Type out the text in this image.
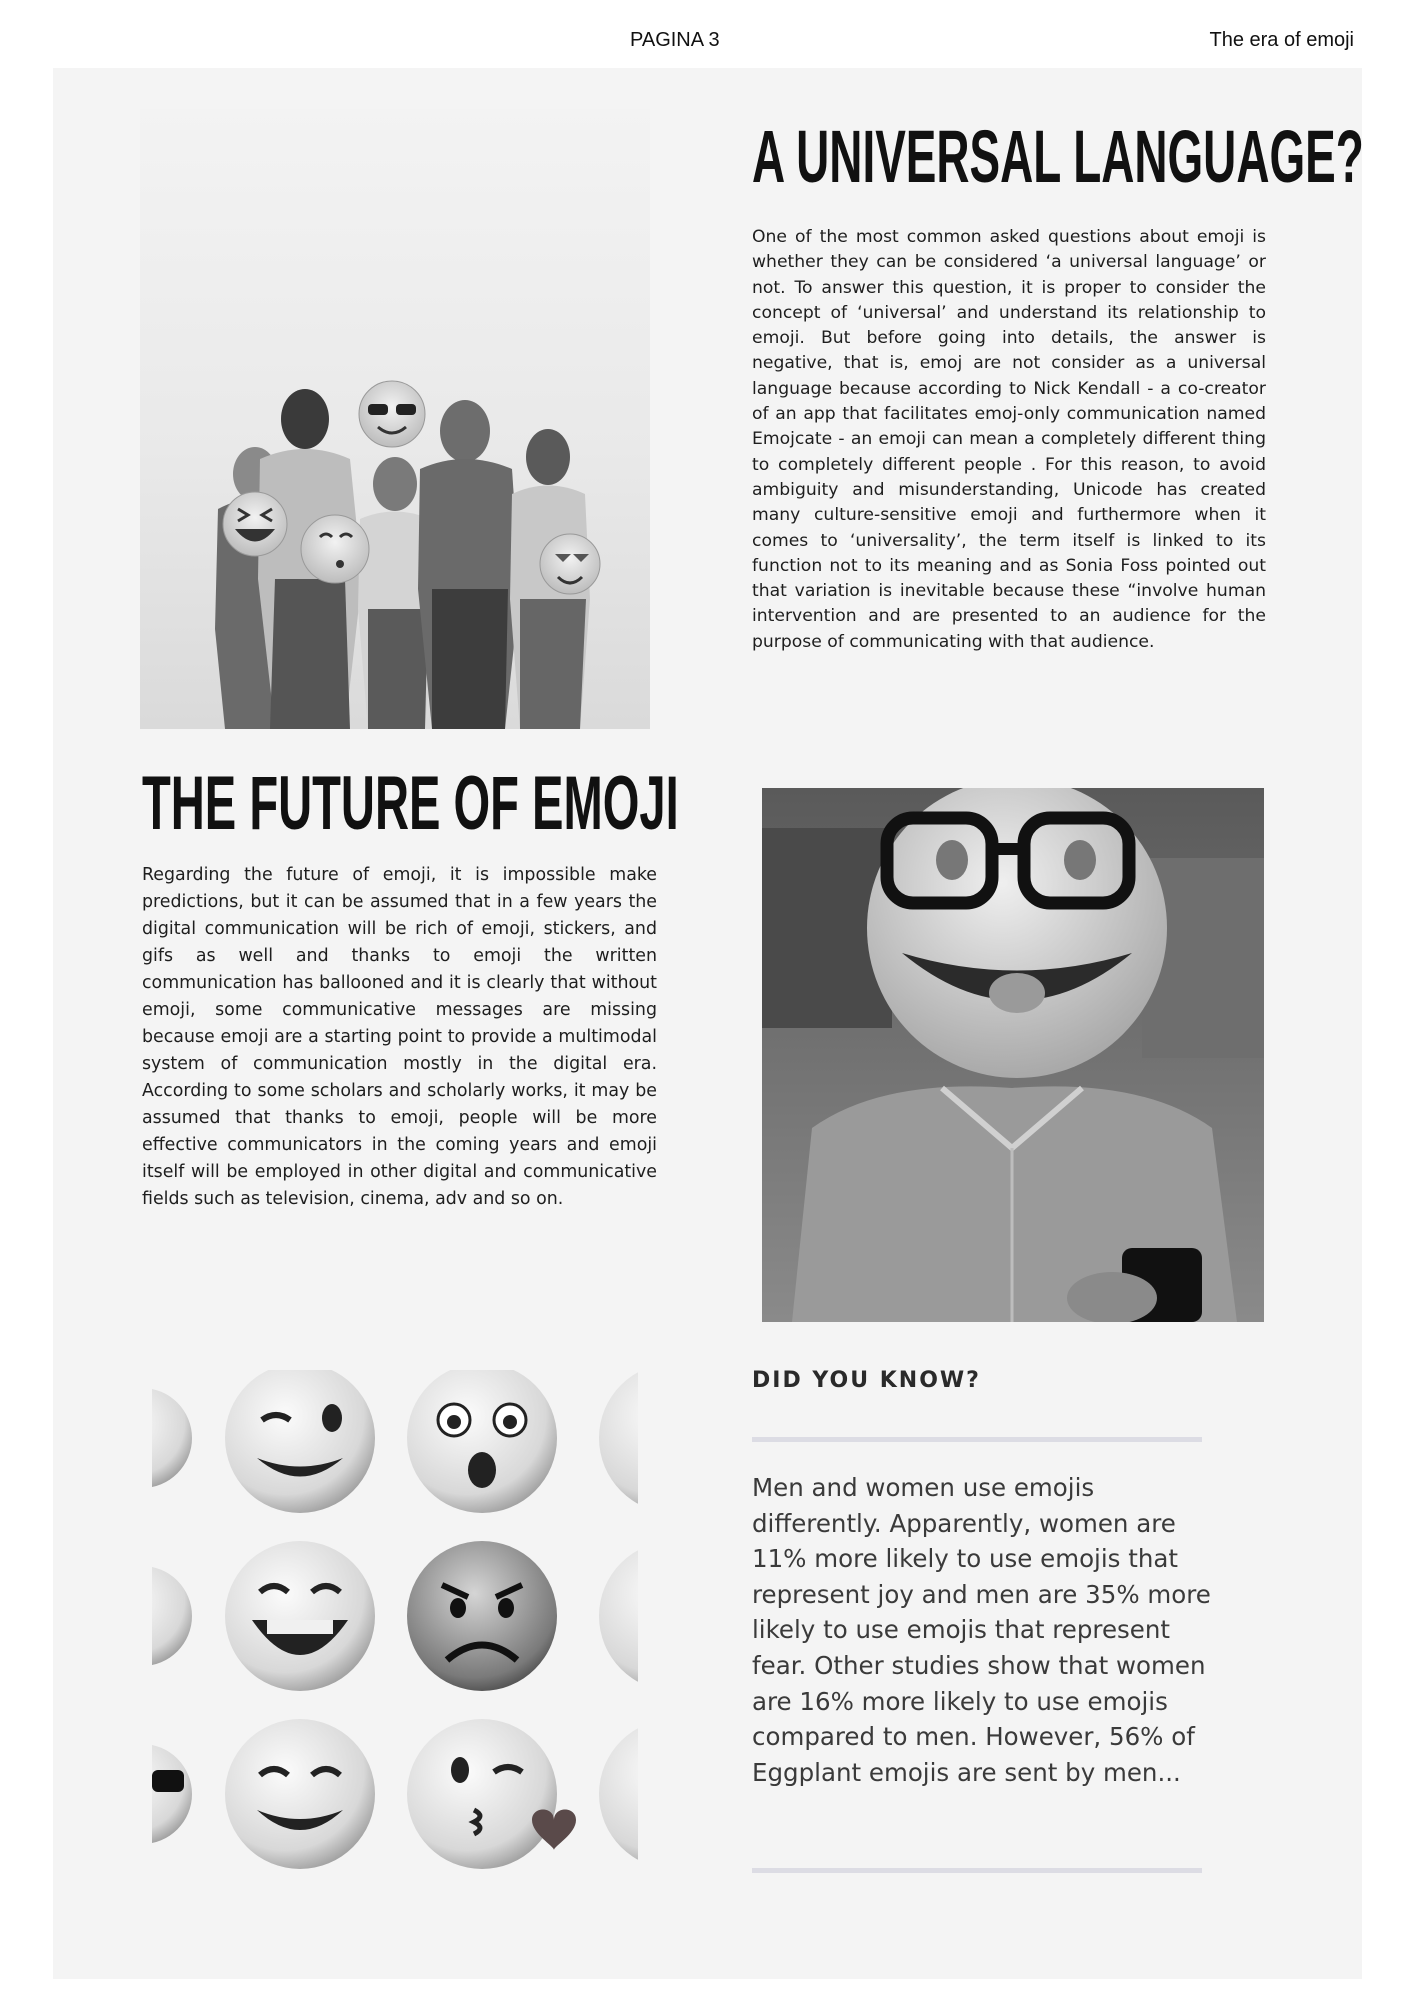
PAGINA 3	The era of emoji
A UNIVERSAL LANGUAGE?

One of the most common asked questions about emoji is whether they can be considered ‘a universal language’ or not. To answer this question, it is proper to consider the concept of ‘universal’ and understand its relationship to emoji. But before going into details, the answer is negative, that is, emoj are not consider as a universal language because according to Nick Kendall - a co-creator of an app that facilitates emoj-only communication named Emojcate - an emoji can mean a completely different thing to completely different people . For this reason, to avoid ambiguity and misunderstanding, Unicode has created many culture-sensitive emoji and furthermore when it comes to ‘universality’, the term itself is linked to its function not to its meaning and as Sonia Foss pointed out that variation is inevitable because these “involve human intervention and are presented to an audience for the purpose of communicating with that audience.

THE FUTURE OF EMOJI

Regarding the future of emoji, it is impossible make predictions, but it can be assumed that in a few years the digital communication will be rich of emoji, stickers, and gifs as well and thanks to emoji the written communication has ballooned and it is clearly that without emoji, some communicative messages are missing because emoji are a starting point to provide a multimodal system of communication mostly in the digital era. According to some scholars and scholarly works, it may be assumed that thanks to emoji, people will be more effective communicators in the coming years and emoji itself will be employed in other digital and communicative fields such as television, cinema, adv and so on.

DID YOU KNOW?

Men and women use emojis differently. Apparently, women are 11% more likely to use emojis that represent joy and men are 35% more likely to use emojis that represent fear. Other studies show that women are 16% more likely to use emojis compared to men. However, 56% of Eggplant emojis are sent by men...
